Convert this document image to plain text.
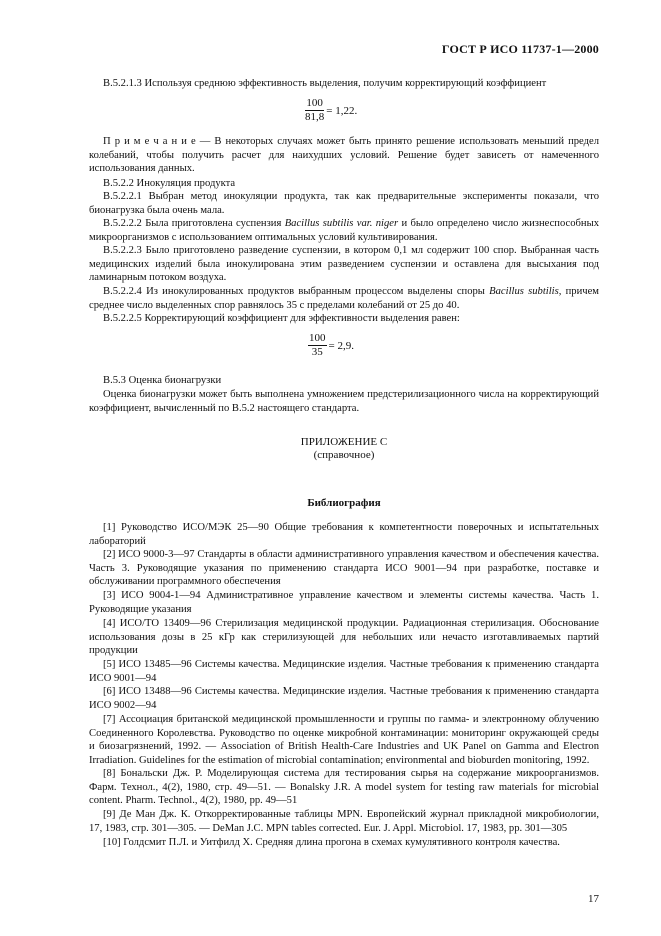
ГОСТ Р ИСО 11737-1—2000

В.5.2.1.3 Используя среднюю эффективность выделения, получим корректирующий коэффициент

$\frac{100}{81,8} = 1,22$.

П р и м е ч а н и е — В некоторых случаях может быть принято решение использовать меньший предел колебаний, чтобы получить расчет для наихудших условий. Решение будет зависеть от намеченного использования данных.

В.5.2.2 Инокуляция продукта

В.5.2.2.1 Выбран метод инокуляции продукта, так как предварительные эксперименты показали, что бионагрузка была очень мала.

В.5.2.2.2 Была приготовлена суспензия Bacillus subtilis var. niger и было определено число жизнеспособных микроорганизмов с использованием оптимальных условий культивирования.

В.5.2.2.3 Было приготовлено разведение суспензии, в котором 0,1 мл содержит 100 спор. Выбранная часть медицинских изделий была инокулирована этим разведением суспензии и оставлена для высыхания под ламинарным потоком воздуха.

В.5.2.2.4 Из инокулированных продуктов выбранным процессом выделены споры Bacillus subtilis, причем среднее число выделенных спор равнялось 35 с пределами колебаний от 25 до 40.

В.5.2.2.5 Корректирующий коэффициент для эффективности выделения равен:

$\frac{100}{35} = 2,9$.

В.5.3 Оценка бионагрузки

Оценка бионагрузки может быть выполнена умножением предстерилизационного числа на корректирующий коэффициент, вычисленный по В.5.2 настоящего стандарта.

ПРИЛОЖЕНИЕ С
(справочное)
Библиография

[1] Руководство ИСО/МЭК 25—90 Общие требования к компетентности поверочных и испытательных лабораторий

[2] ИСО 9000-3—97 Стандарты в области административного управления качеством и обеспечения качества. Часть 3. Руководящие указания по применению стандарта ИСО 9001—94 при разработке, поставке и обслуживании программного обеспечения

[3] ИСО 9004-1—94 Административное управление качеством и элементы системы качества. Часть 1. Руководящие указания

[4] ИСО/ТО 13409—96 Стерилизация медицинской продукции. Радиационная стерилизация. Обоснование использования дозы в 25 кГр как стерилизующей для небольших или нечасто изготавливаемых партий продукции

[5] ИСО 13485—96 Системы качества. Медицинские изделия. Частные требования к применению стандарта ИСО 9001—94

[6] ИСО 13488—96 Системы качества. Медицинские изделия. Частные требования к применению стандарта ИСО 9002—94

[7] Ассоциация британской медицинской промышленности и группы по гамма- и электронному облучению Соединенного Королевства. Руководство по оценке микробной контаминации: мониторинг окружающей среды и биозагрязнений, 1992. — Association of British Health-Care Industries and UK Panel on Gamma and Electron Irradiation. Guidelines for the estimation of microbial contamination; environmental and bioburden monitoring, 1992.

[8] Бональски Дж. Р. Моделирующая система для тестирования сырья на содержание микроорганизмов. Фарм. Технол., 4(2), 1980, стр. 49—51. — Bonalsky J.R. A model system for testing raw materials for microbial content. Pharm. Technol., 4(2), 1980, pp. 49—51

[9] Де Ман Дж. К. Откорректированные таблицы MPN. Европейский журнал прикладной микробиологии, 17, 1983, стр. 301—305. — DeMan J.C. MPN tables corrected. Eur. J. Appl. Microbiol. 17, 1983, pp. 301—305

[10] Голдсмит П.Л. и Уитфилд Х. Средняя длина прогона в схемах кумулятивного контроля качества.

17
